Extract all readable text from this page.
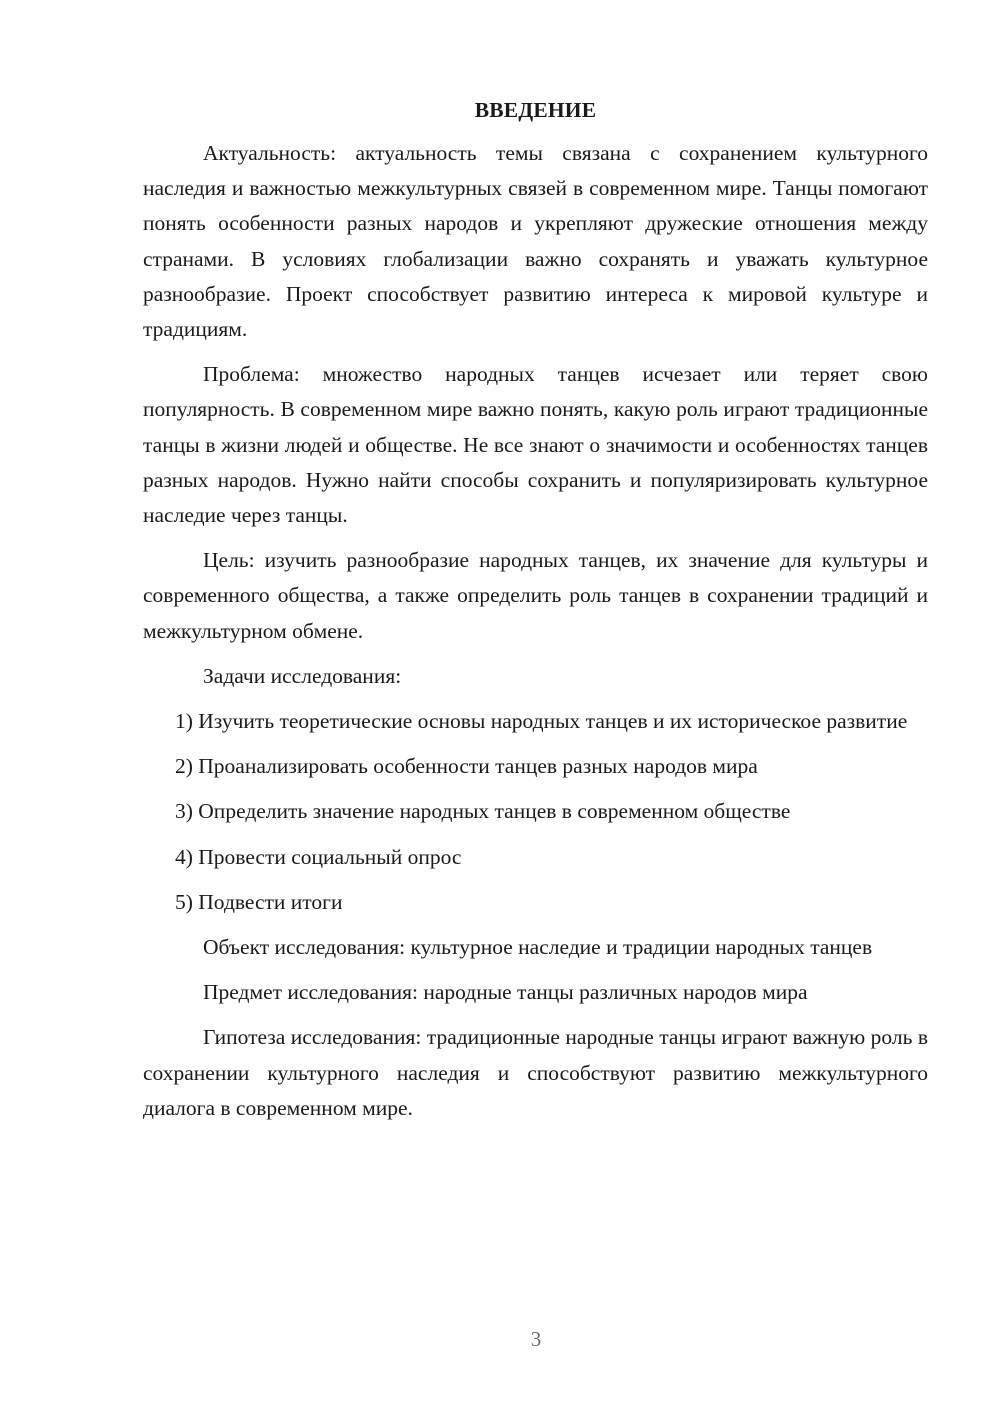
ВВЕДЕНИЕ

Актуальность: актуальность темы связана с сохранением культурного наследия и важностью межкультурных связей в современном мире. Танцы помогают понять особенности разных народов и укрепляют дружеские отношения между странами. В условиях глобализации важно сохранять и уважать культурное разнообразие. Проект способствует развитию интереса к мировой культуре и традициям.

Проблема: множество народных танцев исчезает или теряет свою популярность. В современном мире важно понять, какую роль играют традиционные танцы в жизни людей и обществе. Не все знают о значимости и особенностях танцев разных народов. Нужно найти способы сохранить и популяризировать культурное наследие через танцы.

Цель: изучить разнообразие народных танцев, их значение для культуры и современного общества, а также определить роль танцев в сохранении традиций и межкультурном обмене.

Задачи исследования:

1) Изучить теоретические основы народных танцев и их историческое развитие

2) Проанализировать особенности танцев разных народов мира

3) Определить значение народных танцев в современном обществе

4) Провести социальный опрос

5) Подвести итоги

Объект исследования: культурное наследие и традиции народных танцев

Предмет исследования: народные танцы различных народов мира

Гипотеза исследования: традиционные народные танцы играют важную роль в сохранении культурного наследия и способствуют развитию межкультурного диалога в современном мире.

3
